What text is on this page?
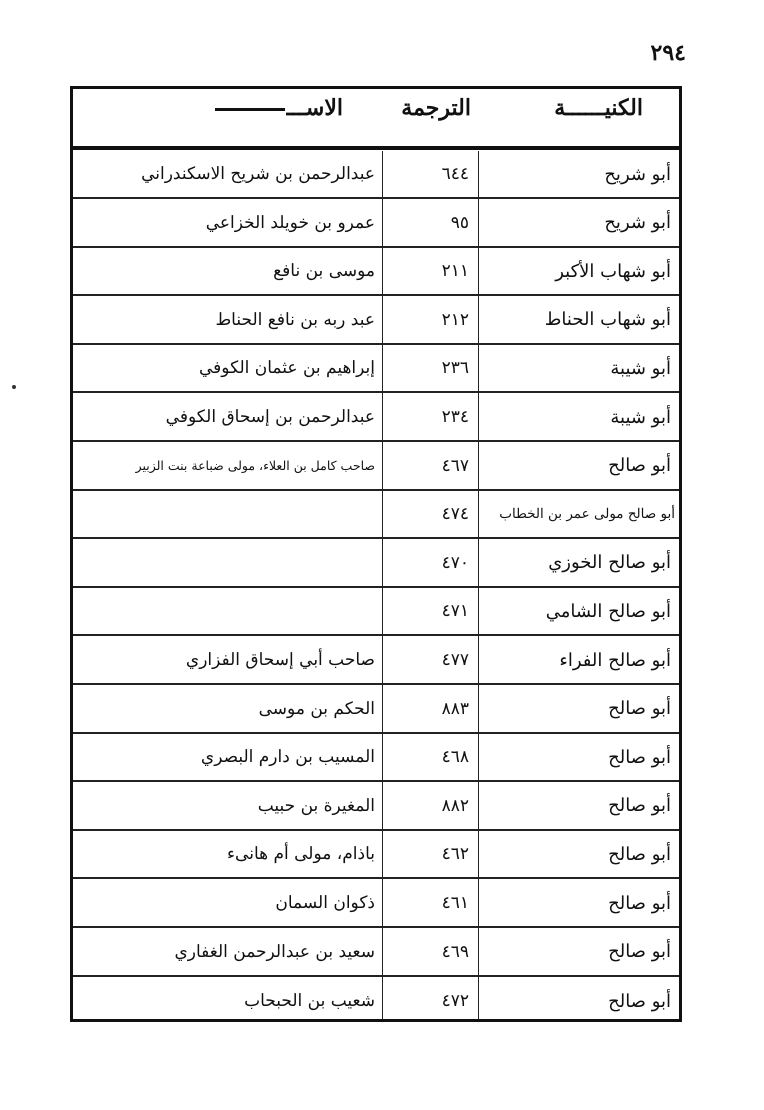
٢٩٤
الكنيــــــة
الترجمة
الاســـ
أبو شريح
٦٤٤
عبدالرحمن بن شريح الاسكندراني
أبو شريح
٩٥
عمرو بن خويلد الخزاعي
أبو شهاب الأكبر
٢١١
موسى بن نافع
أبو شهاب الحناط
٢١٢
عبد ربه بن نافع الحناط
أبو شيبة
٢٣٦
إبراهيم بن عثمان الكوفي
أبو شيبة
٢٣٤
عبدالرحمن بن إسحاق الكوفي
أبو صالح
٤٦٧
صاحب كامل بن العلاء، مولى ضباعة بنت الزبير
أبو صالح مولى عمر بن الخطاب
٤٧٤
أبو صالح الخوزي
٤٧٠
أبو صالح الشامي
٤٧١
أبو صالح الفراء
٤٧٧
صاحب أبي إسحاق الفزاري
أبو صالح
٨٨٣
الحكم بن موسى
أبو صالح
٤٦٨
المسيب بن دارم البصري
أبو صالح
٨٨٢
المغيرة بن حبيب
أبو صالح
٤٦٢
باذام، مولى أم هانىء
أبو صالح
٤٦١
ذكوان السمان
أبو صالح
٤٦٩
سعيد بن عبدالرحمن الغفاري
أبو صالح
٤٧٢
شعيب بن الحبحاب
